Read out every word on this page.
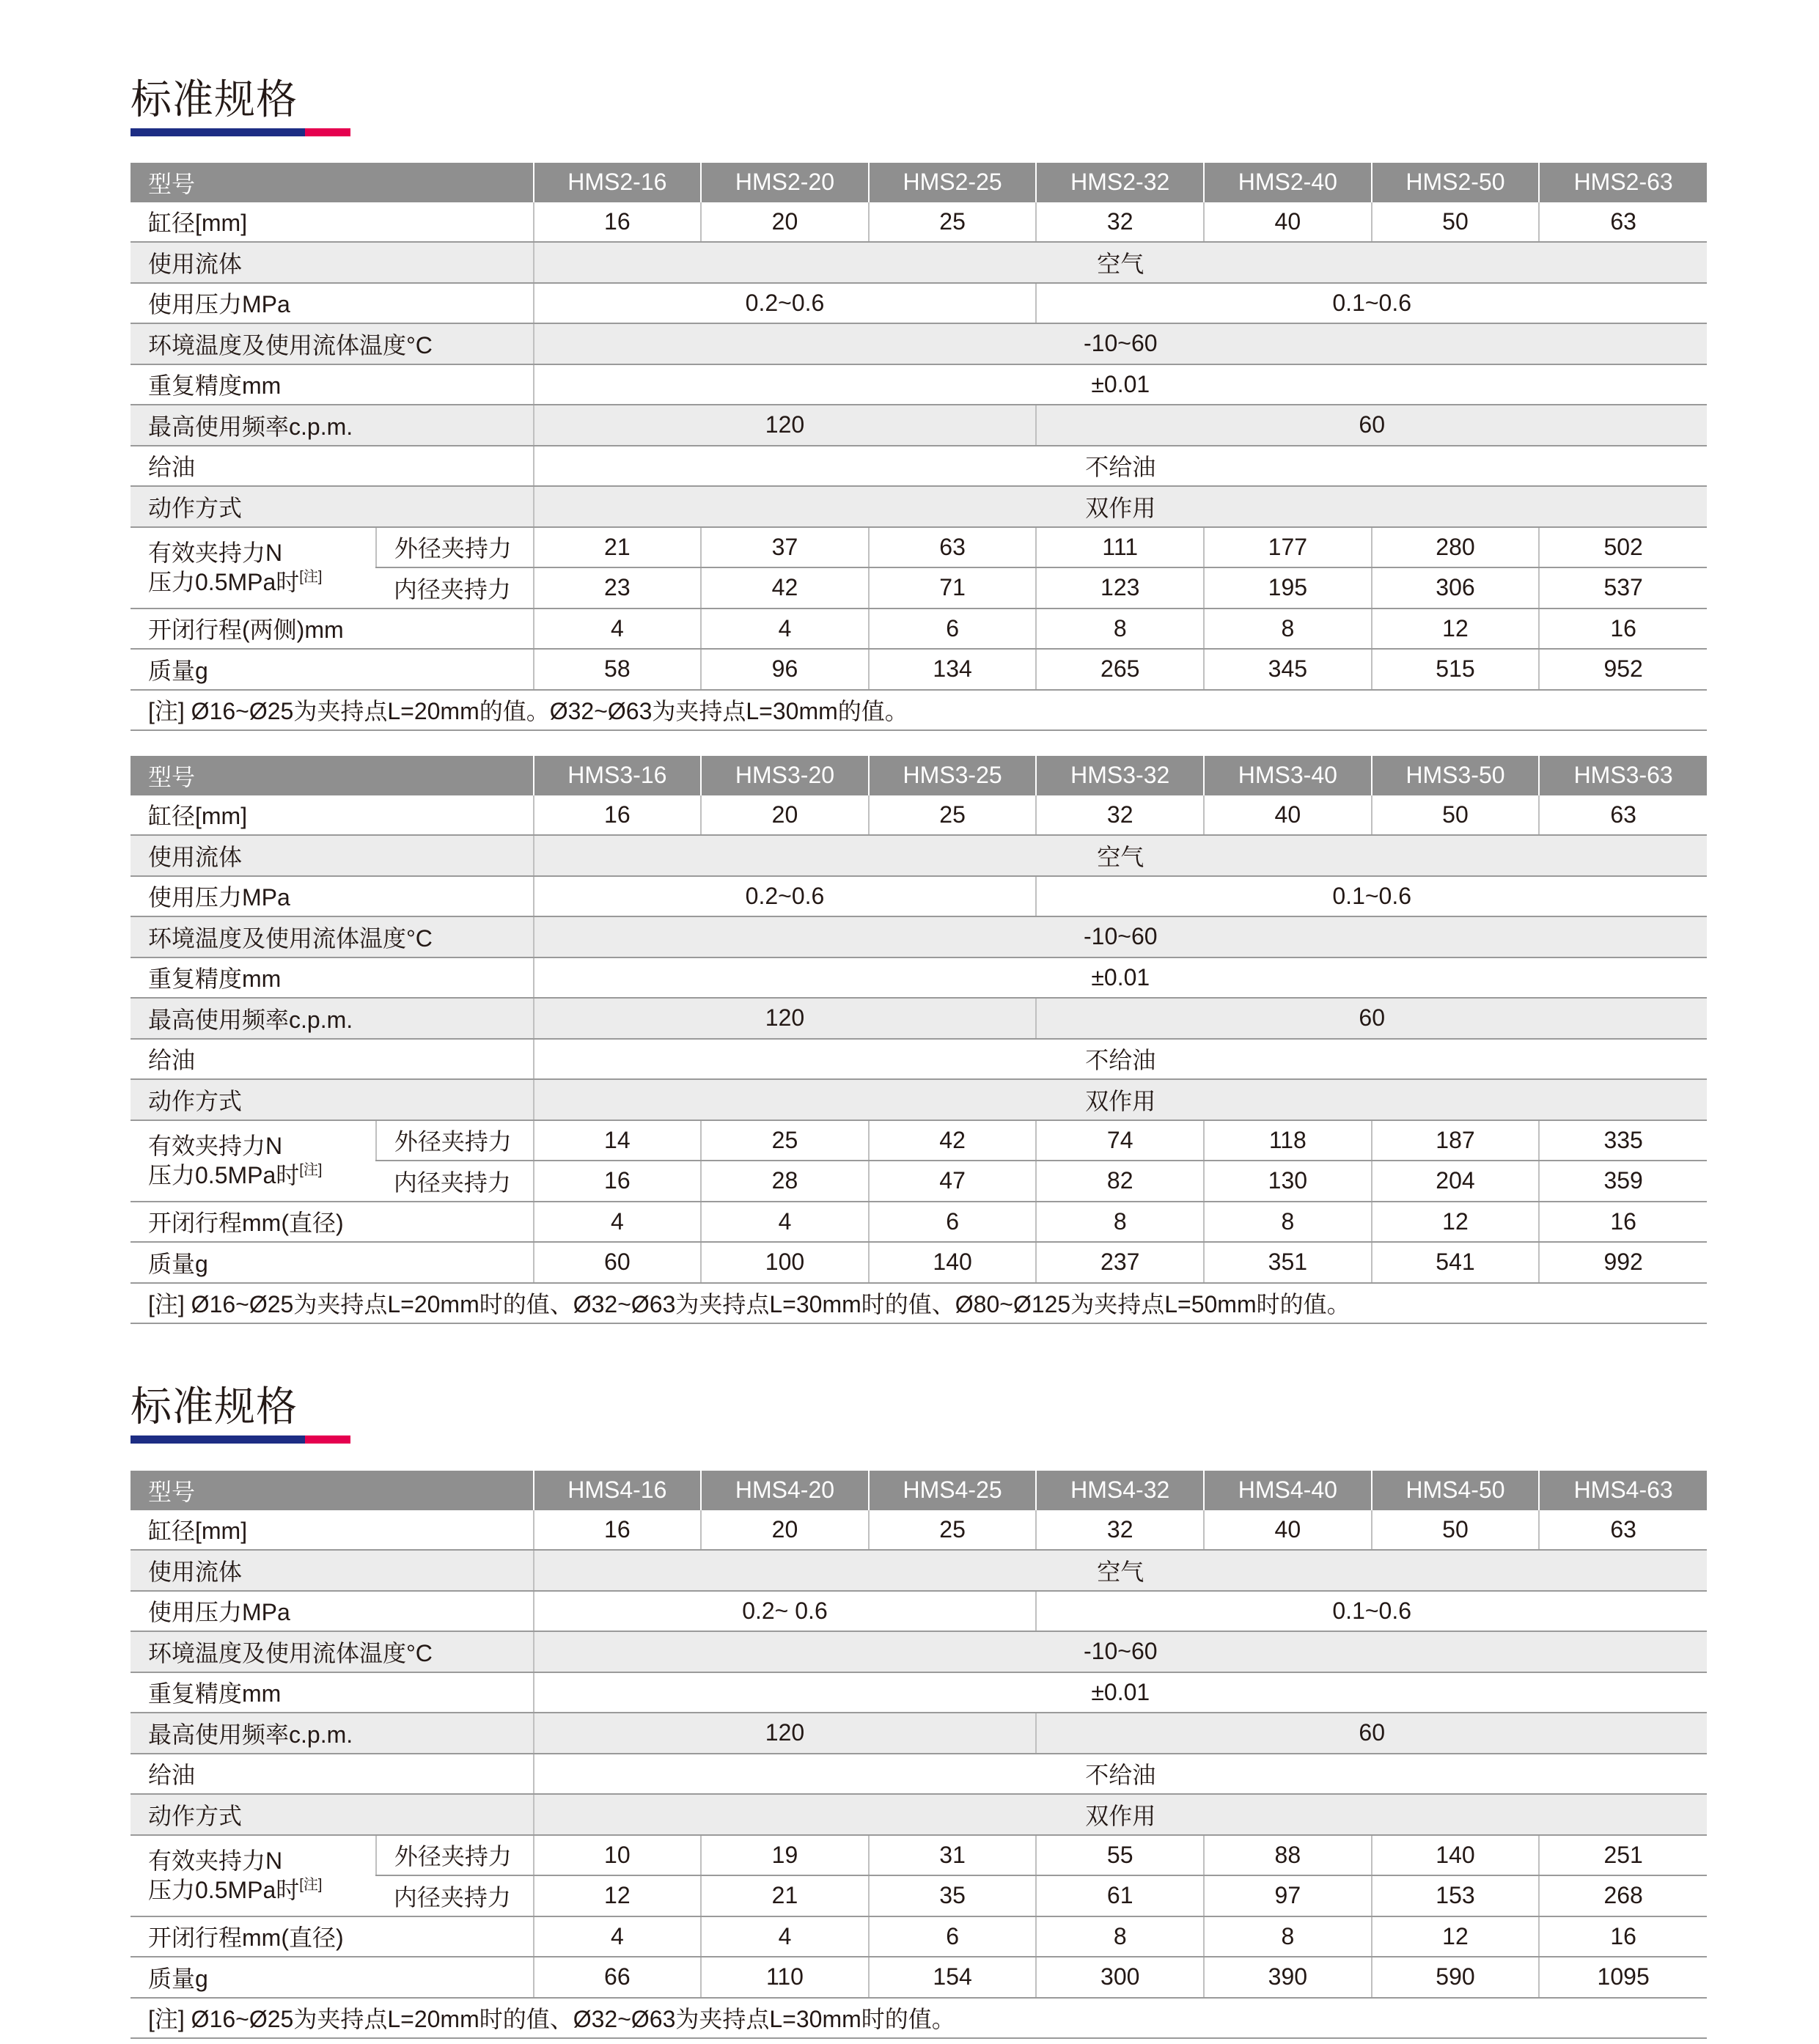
标准规格
标准规格
型号		HMS2-16	HMS2-20	HMS2-25	HMS2-32	HMS2-40	HMS2-50	HMS2-63
缸径[mm]		16	20	25	32	40	50	63
使用流体		空气						
使用压力MPa		0.2~0.6			0.1~0.6			
环境温度及使用流体温度°C		-10~60						
重复精度mm		±0.01						
最高使用频率c.p.m.		120			60			
给油		不给油						
动作方式		双作用						
有效夹持力N
压力0.5MPa时[注]	外径夹持力	21	37	63	111	177	280	502
	内径夹持力	23	42	71	123	195	306	537
开闭行程(两侧)mm		4	4	6	8	8	12	16
质量g		58	96	134	265	345	515	952
[注] Ø16~Ø25为夹持点L=20mm的值。Ø32~Ø63为夹持点L=30mm的值。								
型号		HMS3-16	HMS3-20	HMS3-25	HMS3-32	HMS3-40	HMS3-50	HMS3-63
缸径[mm]		16	20	25	32	40	50	63
使用流体		空气						
使用压力MPa		0.2~0.6			0.1~0.6			
环境温度及使用流体温度°C		-10~60						
重复精度mm		±0.01						
最高使用频率c.p.m.		120			60			
给油		不给油						
动作方式		双作用						
有效夹持力N
压力0.5MPa时[注]	外径夹持力	14	25	42	74	118	187	335
	内径夹持力	16	28	47	82	130	204	359
开闭行程mm(直径)		4	4	6	8	8	12	16
质量g		60	100	140	237	351	541	992
[注] Ø16~Ø25为夹持点L=20mm时的值、Ø32~Ø63为夹持点L=30mm时的值、Ø80~Ø125为夹持点L=50mm时的值。								
型号		HMS4-16	HMS4-20	HMS4-25	HMS4-32	HMS4-40	HMS4-50	HMS4-63
缸径[mm]		16	20	25	32	40	50	63
使用流体		空气						
使用压力MPa		0.2~ 0.6			0.1~0.6			
环境温度及使用流体温度°C		-10~60						
重复精度mm		±0.01						
最高使用频率c.p.m.		120			60			
给油		不给油						
动作方式		双作用						
有效夹持力N
压力0.5MPa时[注]	外径夹持力	10	19	31	55	88	140	251
	内径夹持力	12	21	35	61	97	153	268
开闭行程mm(直径)		4	4	6	8	8	12	16
质量g		66	110	154	300	390	590	1095
[注] Ø16~Ø25为夹持点L=20mm时的值、Ø32~Ø63为夹持点L=30mm时的值。								
